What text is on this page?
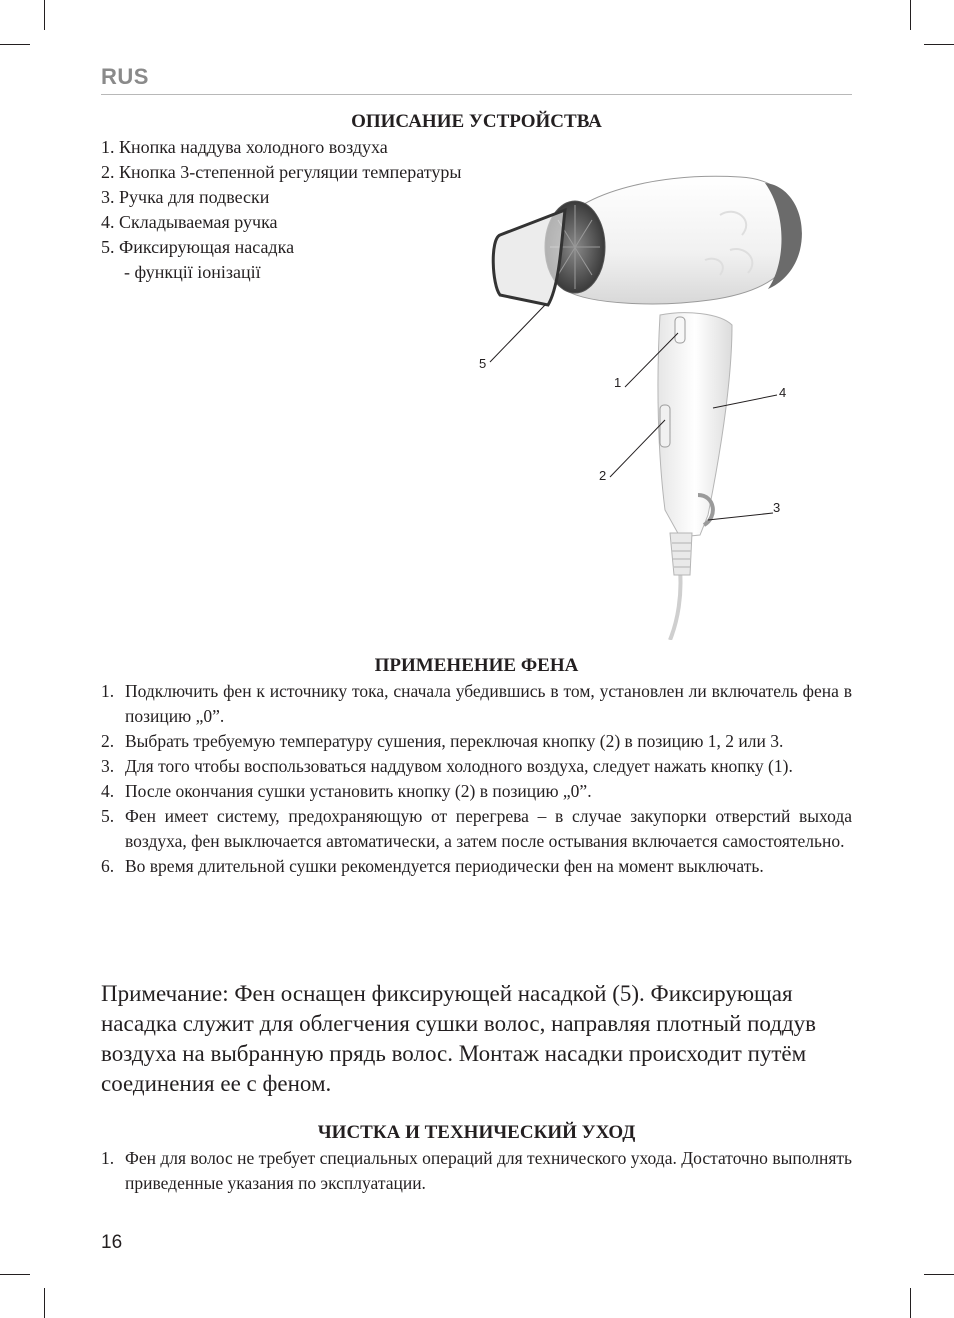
RUS
ОПИСАНИЕ УСТРОЙСТВА
1. Кнопка наддува холодного воздуха
2. Кнопка 3-степенной регуляции температуры
3. Ручка для подвески
4. Складываемая ручка
5. Фиксирующая насадка
- функції іонізації
5
1
4
2
3
ПРИМЕНЕНИЕ ФЕНА
1. Подключить фен к источнику тока, сначала убедившись в том, установлен ли включатель фена в позицию „0”.
2. Выбрать требуемую температуру сушения, переключая кнопку (2) в позицию 1, 2 или 3.
3. Для того чтобы воспользоваться наддувом холодного воздуха, следует нажать кнопку (1).
4. После окончания сушки установить кнопку (2) в позицию „0”.
5. Фен имеет систему, предохраняющую от перегрева – в случае закупорки отверстий выхода воздуха, фен выключается автоматически, а затем после остывания включается самостоятельно.
6. Во время длительной сушки рекомендуется периодически фен на момент выключать.
Примечание: Фен оснащен фиксирующей насадкой (5). Фиксирующая насадка служит для облегчения сушки волос, направляя плотный поддув воздуха на выбранную прядь волос. Монтаж насадки происходит путём соединения ее с феном.
ЧИСТКА И ТЕХНИЧЕСКИЙ УХОД
1. Фен для волос не требует специальных операций для технического ухода. Достаточно выполнять приведенные указания по эксплуатации.
16
